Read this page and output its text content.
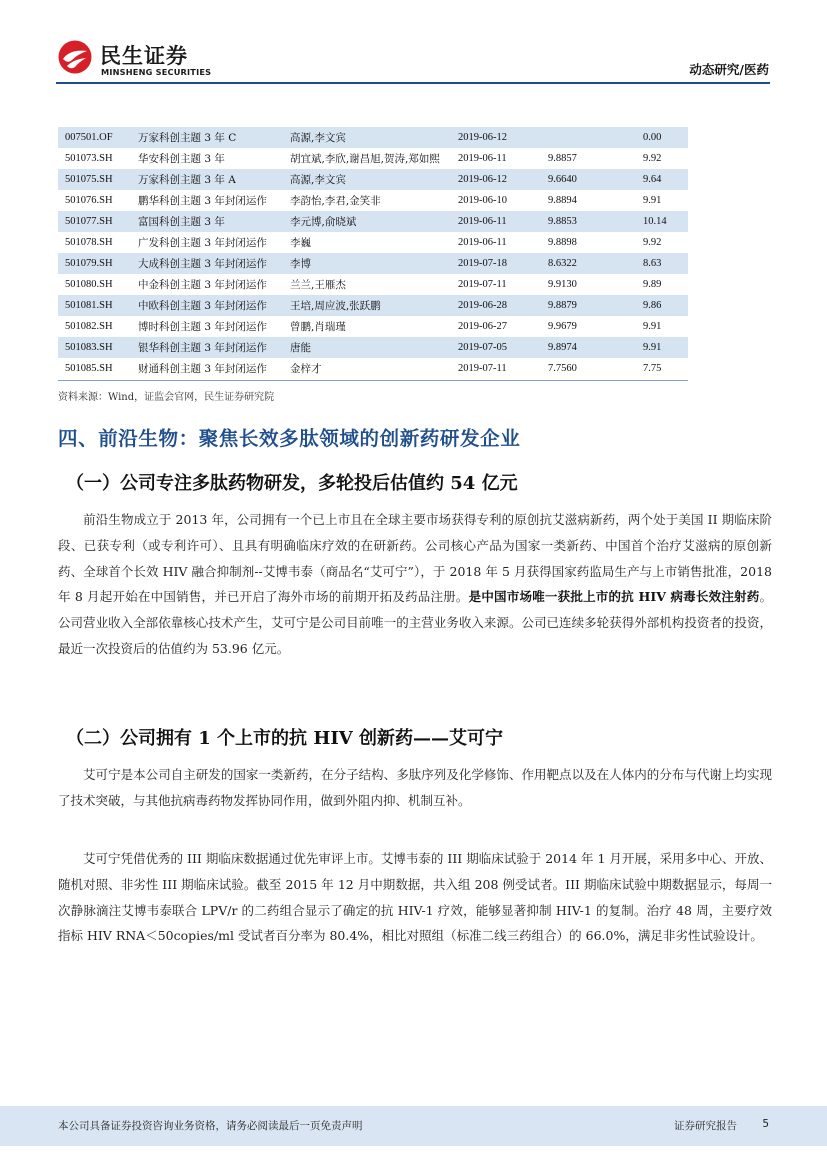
民生证券
MINSHENG SECURITIES	动态研究/医药
007501.OF	万家科创主题 3 年 C	高源,李文宾	2019-06-12		0.00
501073.SH	华安科创主题 3 年	胡宜斌,李欣,谢昌旭,贺涛,郑如熙	2019-06-11	9.8857	9.92
501075.SH	万家科创主题 3 年 A	高源,李文宾	2019-06-12	9.6640	9.64
501076.SH	鹏华科创主题 3 年封闭运作	李韵怡,李君,金笑非	2019-06-10	9.8894	9.91
501077.SH	富国科创主题 3 年	李元博,俞晓斌	2019-06-11	9.8853	10.14
501078.SH	广发科创主题 3 年封闭运作	李巍	2019-06-11	9.8898	9.92
501079.SH	大成科创主题 3 年封闭运作	李博	2019-07-18	8.6322	8.63
501080.SH	中金科创主题 3 年封闭运作	兰兰,王雁杰	2019-07-11	9.9130	9.89
501081.SH	中欧科创主题 3 年封闭运作	王培,周应波,张跃鹏	2019-06-28	9.8879	9.86
501082.SH	博时科创主题 3 年封闭运作	曾鹏,肖瑞瑾	2019-06-27	9.9679	9.91
501083.SH	银华科创主题 3 年封闭运作	唐能	2019-07-05	9.8974	9.91
501085.SH	财通科创主题 3 年封闭运作	金梓才	2019-07-11	7.7560	7.75
资料来源：Wind，证监会官网，民生证券研究院
四、前沿生物：聚焦长效多肽领域的创新药研发企业
（一）公司专注多肽药物研发，多轮投后估值约 54 亿元
前沿生物成立于 2013 年，公司拥有一个已上市且在全球主要市场获得专利的原创抗艾滋病新药，两个处于美国 II 期临床阶段、已获专利（或专利许可）、且具有明确临床疗效的在研新药。公司核心产品为国家一类新药、中国首个治疗艾滋病的原创新药、全球首个长效 HIV 融合抑制剂--艾博韦泰（商品名“艾可宁”），于 2018 年 5 月获得国家药监局生产与上市销售批准，2018 年 8 月起开始在中国销售，并已开启了海外市场的前期开拓及药品注册。是中国市场唯一获批上市的抗 HIV 病毒长效注射药。公司营业收入全部依靠核心技术产生，艾可宁是公司目前唯一的主营业务收入来源。公司已连续多轮获得外部机构投资者的投资，最近一次投资后的估值约为 53.96 亿元。
（二）公司拥有 1 个上市的抗 HIV 创新药——艾可宁
艾可宁是本公司自主研发的国家一类新药，在分子结构、多肽序列及化学修饰、作用靶点以及在人体内的分布与代谢上均实现了技术突破，与其他抗病毒药物发挥协同作用，做到外阻内抑、机制互补。
艾可宁凭借优秀的 III 期临床数据通过优先审评上市。艾博韦泰的 III 期临床试验于 2014 年 1 月开展，采用多中心、开放、随机对照、非劣性 III 期临床试验。截至 2015 年 12 月中期数据，共入组 208 例受试者。III 期临床试验中期数据显示，每周一次静脉滴注艾博韦泰联合 LPV/r 的二药组合显示了确定的抗 HIV-1 疗效，能够显著抑制 HIV-1 的复制。治疗 48 周，主要疗效指标 HIV RNA＜50copies/ml 受试者百分率为 80.4%，相比对照组（标准二线三药组合）的 66.0%，满足非劣性试验设计。
本公司具备证券投资咨询业务资格，请务必阅读最后一页免责声明	证券研究报告 5
